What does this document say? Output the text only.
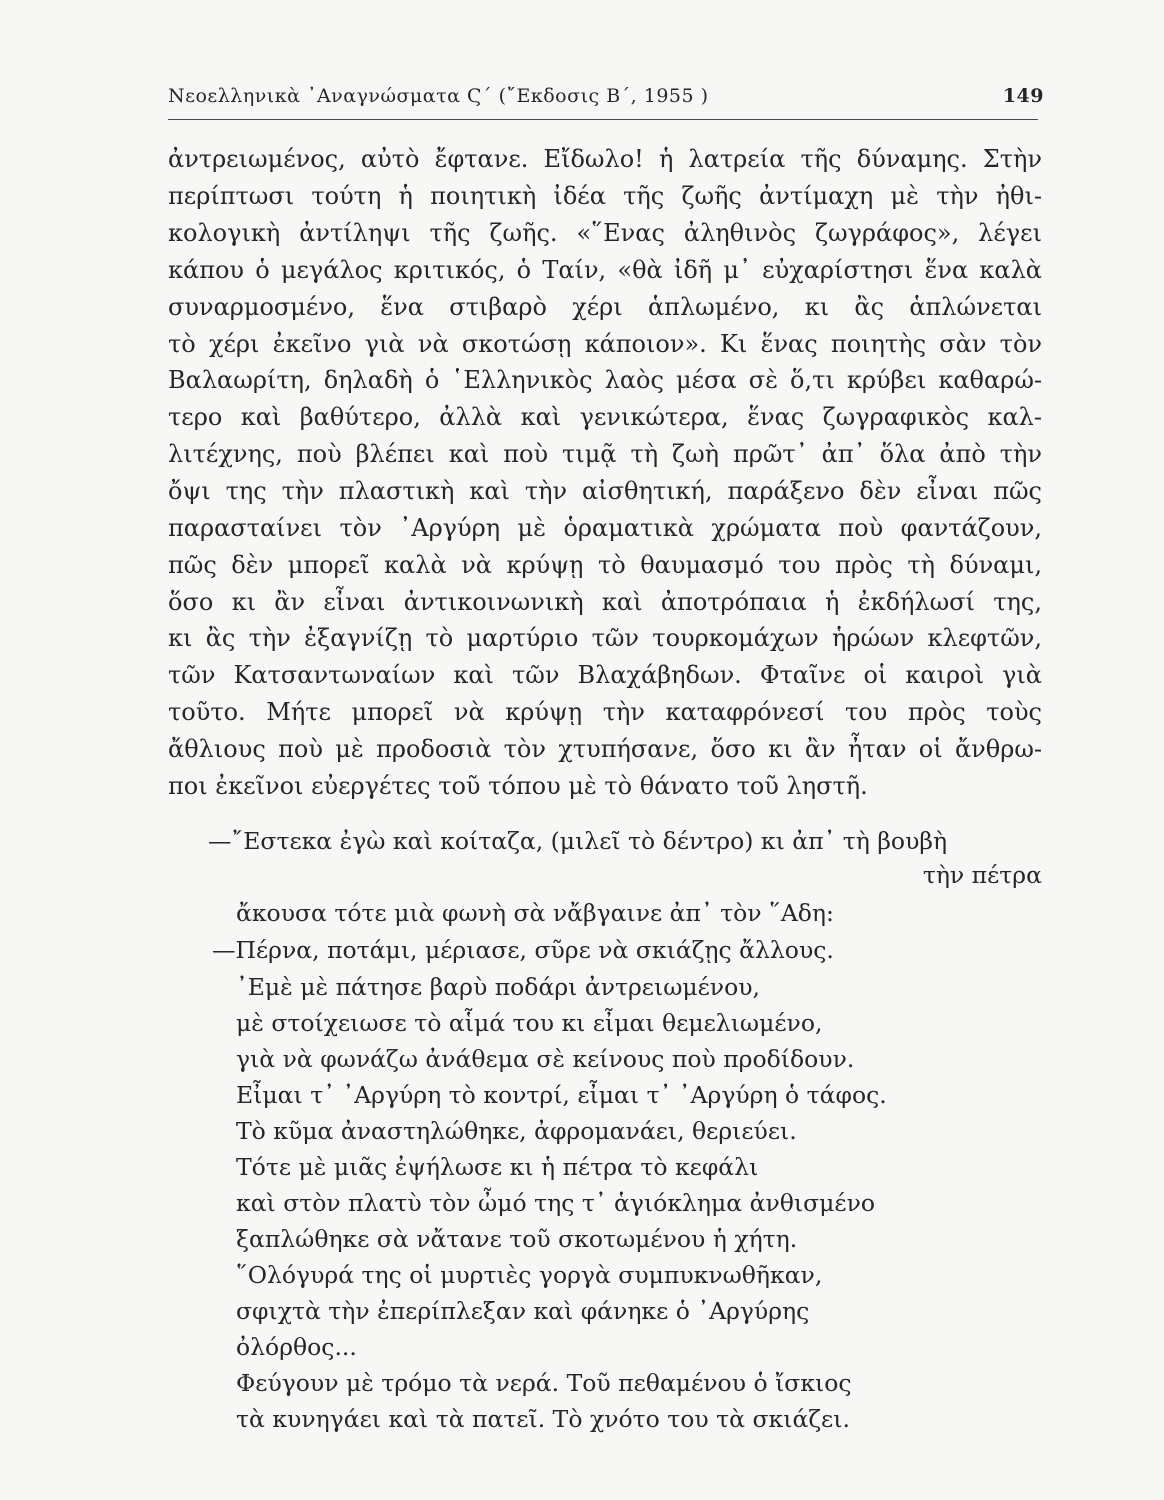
Νεοελληνικὰ ᾿Αναγνώσματα Ϛ΄ (῎Εκδοσις Β΄, 1955 )	149
ἀντρειωμένος, αὐτὸ ἔφτανε. Εἴδωλο! ἡ λατρεία τῆς δύναμης. Στὴν
περίπτωσι τούτη ἡ ποιητικὴ ἰδέα τῆς ζωῆς ἀντίμαχη μὲ τὴν ἠθι-
κολογικὴ ἀντίληψι τῆς ζωῆς. «῞Ενας ἀληθινὸς ζωγράφος», λέγει
κάπου ὁ μεγάλος κριτικός, ὁ Ταίν, «θὰ ἰδῆ μ᾿ εὐχαρίστησι ἕνα καλὰ
συναρμοσμένο, ἕνα στιβαρὸ χέρι ἁπλωμένο, κι ἂς ἁπλώνεται
τὸ χέρι ἐκεῖνο γιὰ νὰ σκοτώσῃ κάποιον». Κι ἕνας ποιητὴς σὰν τὸν
Βαλαωρίτη, δηλαδὴ ὁ ῾Ελληνικὸς λαὸς μέσα σὲ ὅ,τι κρύβει καθαρώ-
τερο καὶ βαθύτερο, ἀλλὰ καὶ γενικώτερα, ἕνας ζωγραφικὸς καλ-
λιτέχνης, ποὺ βλέπει καὶ ποὺ τιμᾷ τὴ ζωὴ πρῶτ᾿ ἀπ᾿ ὅλα ἀπὸ τὴν
ὄψι της τὴν πλαστικὴ καὶ τὴν αἰσθητική, παράξενο δὲν εἶναι πῶς
παρασταίνει τὸν ᾿Αργύρη μὲ ὁραματικὰ χρώματα ποὺ φαντάζουν,
πῶς δὲν μπορεῖ καλὰ νὰ κρύψῃ τὸ θαυμασμό του πρὸς τὴ δύναμι,
ὅσο κι ἂν εἶναι ἀντικοινωνικὴ καὶ ἀποτρόπαια ἡ ἐκδήλωσί της,
κι ἂς τὴν ἐξαγνίζῃ τὸ μαρτύριο τῶν τουρκομάχων ἡρώων κλεφτῶν,
τῶν Κατσαντωναίων καὶ τῶν Βλαχάβηδων. Φταῖνε οἱ καιροὶ γιὰ
τοῦτο. Μήτε μπορεῖ νὰ κρύψῃ τὴν καταφρόνεσί του πρὸς τοὺς
ἄθλιους ποὺ μὲ προδοσιὰ τὸν χτυπήσανε, ὅσο κι ἂν ἦταν οἱ ἄνθρω-
ποι ἐκεῖνοι εὐεργέτες τοῦ τόπου μὲ τὸ θάνατο τοῦ ληστῆ.
—῎Εστεκα ἐγὼ καὶ κοίταζα, (μιλεῖ τὸ δέντρο) κι ἀπ᾿ τὴ βουβὴ
τὴν πέτρα
ἄκουσα τότε μιὰ φωνὴ σὰ νἄβγαινε ἀπ᾿ τὸν ῞Αδη:
—Πέρνα, ποτάμι, μέριασε, σῦρε νὰ σκιάζῃς ἄλλους.
᾿Εμὲ μὲ πάτησε βαρὺ ποδάρι ἀντρειωμένου,
μὲ στοίχειωσε τὸ αἷμά του κι εἶμαι θεμελιωμένο,
γιὰ νὰ φωνάζω ἀνάθεμα σὲ κείνους ποὺ προδίδουν.
Εἶμαι τ᾿ ᾿Αργύρη τὸ κοντρί, εἶμαι τ᾿ ᾿Αργύρη ὁ τάφος.
Τὸ κῦμα ἀναστηλώθηκε, ἀφρομανάει, θεριεύει.
Τότε μὲ μιᾶς ἐψήλωσε κι ἡ πέτρα τὸ κεφάλι
καὶ στὸν πλατὺ τὸν ὦμό της τ᾿ ἁγιόκλημα ἀνθισμένο
ξαπλώθηκε σὰ νἄτανε τοῦ σκοτωμένου ἡ χήτη.
῞Ολόγυρά της οἱ μυρτιὲς γοργὰ συμπυκνωθῆκαν,
σφιχτὰ τὴν ἐπερίπλεξαν καὶ φάνηκε ὁ ᾿Αργύρης
ὀλόρθος...
Φεύγουν μὲ τρόμο τὰ νερά. Τοῦ πεθαμένου ὁ ἴσκιος
τὰ κυνηγάει καὶ τὰ πατεῖ. Τὸ χνότο του τὰ σκιάζει.
